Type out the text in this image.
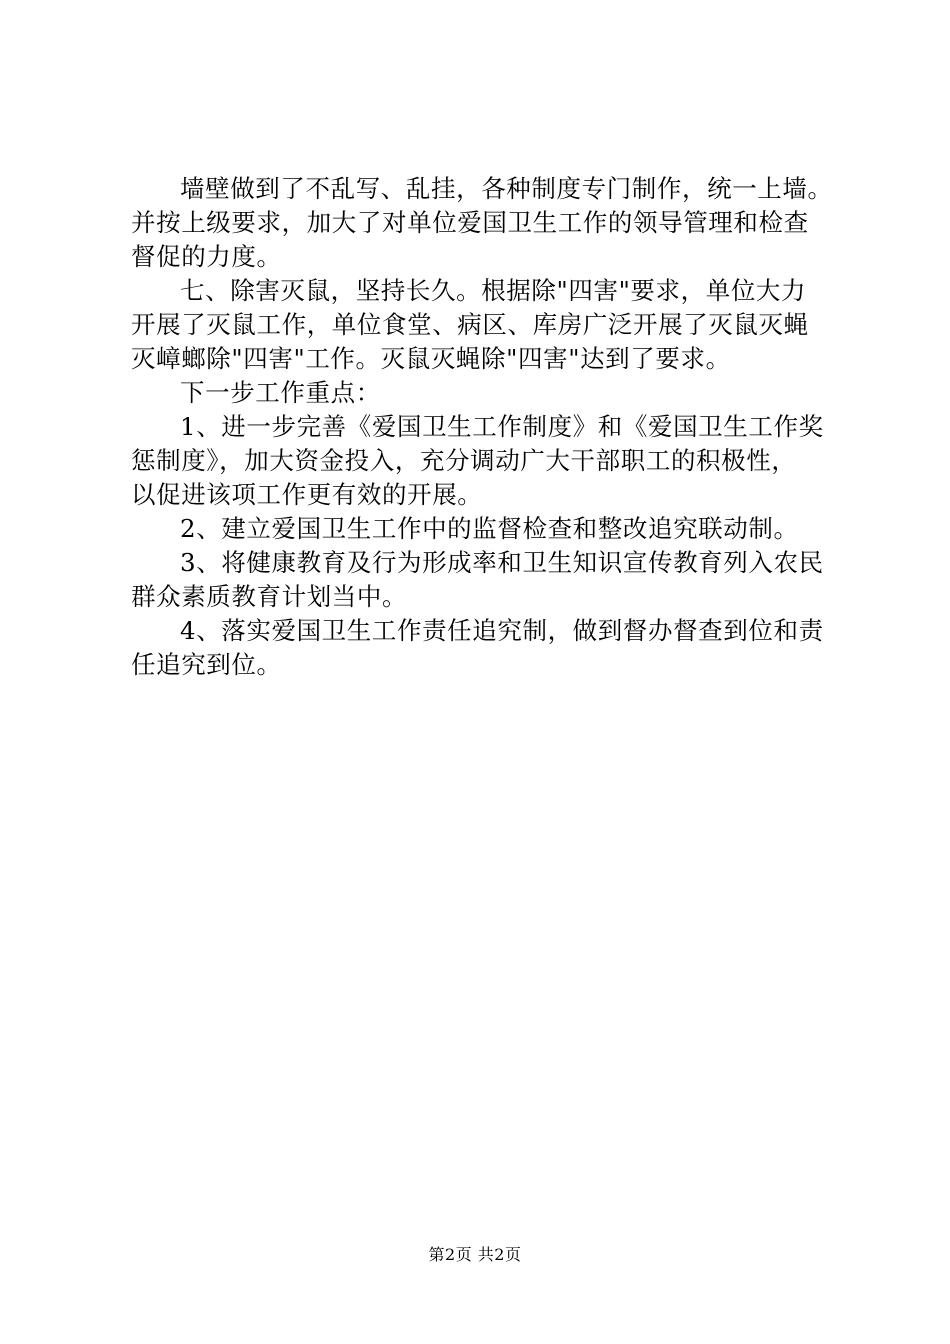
墙壁做到了不乱写、乱挂，各种制度专门制作，统一上墙。
并按上级要求，加大了对单位爱国卫生工作的领导管理和检查
督促的力度。
七、除害灭鼠，坚持长久。根据除"四害"要求，单位大力
开展了灭鼠工作，单位食堂、病区、库房广泛开展了灭鼠灭蝇
灭嶂螂除"四害"工作。灭鼠灭蝇除"四害"达到了要求。
下一步工作重点：
1、进一步完善《爱国卫生工作制度》和《爱国卫生工作奖
惩制度》，加大资金投入，充分调动广大干部职工的积极性，
以促进该项工作更有效的开展。
2、建立爱国卫生工作中的监督检查和整改追究联动制。
3、将健康教育及行为形成率和卫生知识宣传教育列入农民
群众素质教育计划当中。
4、落实爱国卫生工作责任追究制，做到督办督查到位和责
任追究到位。
第2页 共2页
